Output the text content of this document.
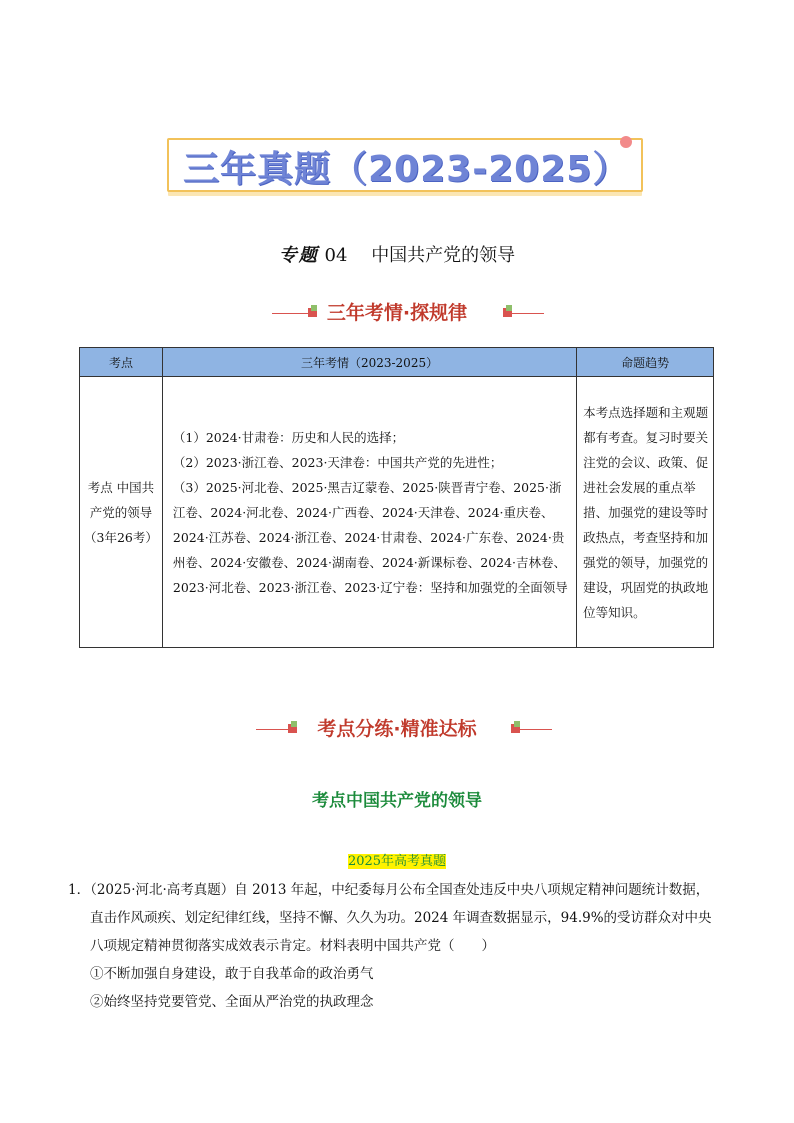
三年真题（2023-2025）
专题 04 中国共产党的领导
三年考情·探规律
考点	三年考情（2023-2025）	命题趋势
考点 中国共产党的领导（3年26考）	（1）2024·甘肃卷：历史和人民的选择；
（2）2023·浙江卷、2023·天津卷：中国共产党的先进性；
（3）2025·河北卷、2025·黑吉辽蒙卷、2025·陕晋青宁卷、2025·浙江卷、2024·河北卷、2024·广西卷、2024·天津卷、2024·重庆卷、2024·江苏卷、2024·浙江卷、2024·甘肃卷、2024·广东卷、2024·贵州卷、2024·安徽卷、2024·湖南卷、2024·新课标卷、2024·吉林卷、2023·河北卷、2023·浙江卷、2023·辽宁卷：坚持和加强党的全面领导	本考点选择题和主观题都有考查。复习时要关注党的会议、政策、促进社会发展的重点举措、加强党的建设等时政热点，考查坚持和加强党的领导，加强党的建设，巩固党的执政地位等知识。
考点分练·精准达标
考点中国共产党的领导
2025年高考真题
1．（2025·河北·高考真题）自 2013 年起，中纪委每月公布全国查处违反中央八项规定精神问题统计数据，
直击作风顽疾、划定纪律红线，坚持不懈、久久为功。2024 年调查数据显示，94.9%的受访群众对中央
八项规定精神贯彻落实成效表示肯定。材料表明中国共产党（　　）
①不断加强自身建设，敢于自我革命的政治勇气
②始终坚持党要管党、全面从严治党的执政理念
